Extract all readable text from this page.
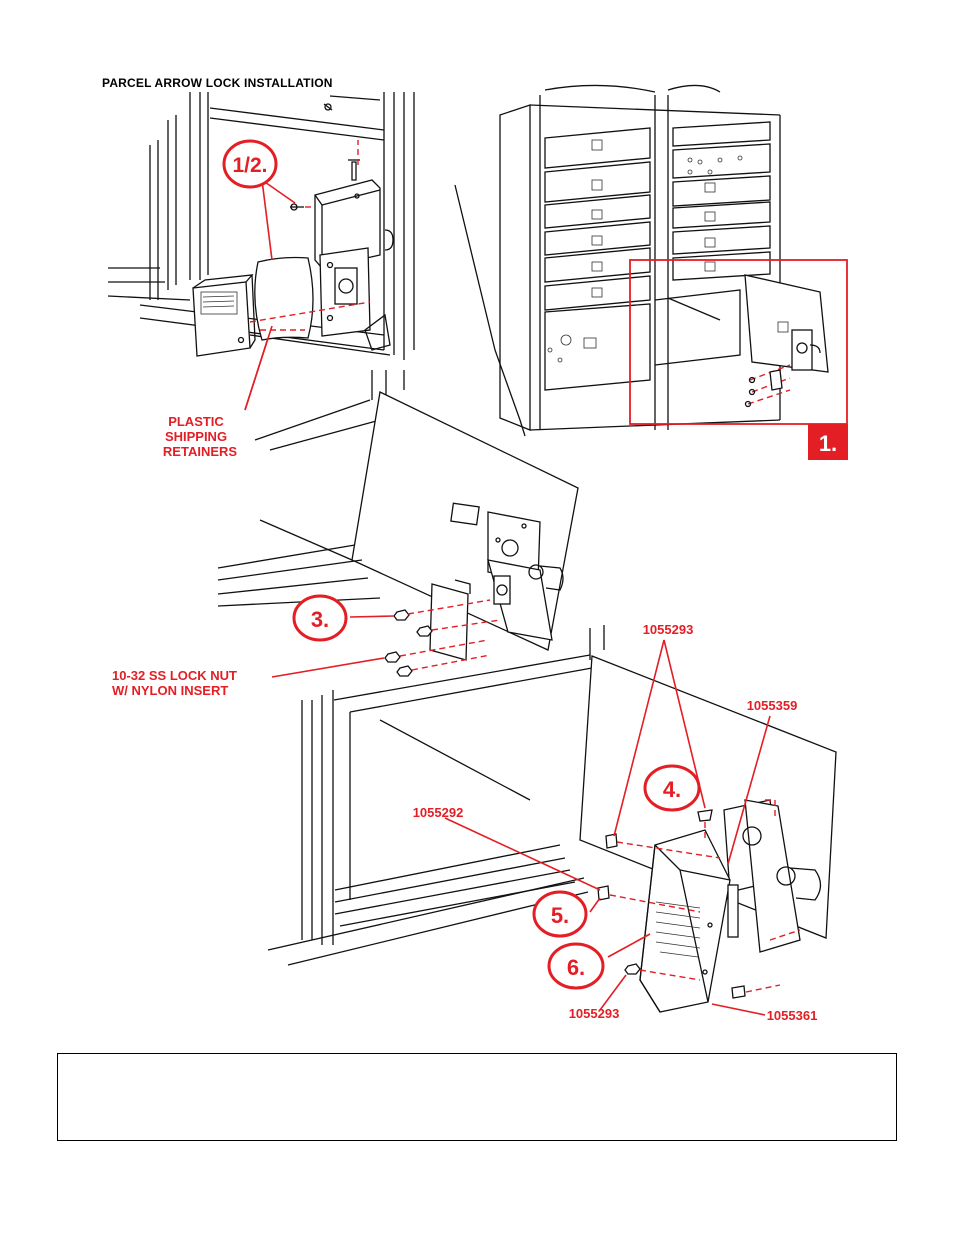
PARCEL ARROW LOCK INSTALLATION
1/2.
PLASTIC
SHIPPING
RETAINERS	1.
3.
10-32 SS LOCK NUT
W/ NYLON INSERT
4.
5.
6.
1055293
1055359
1055292
1055293	1055361
